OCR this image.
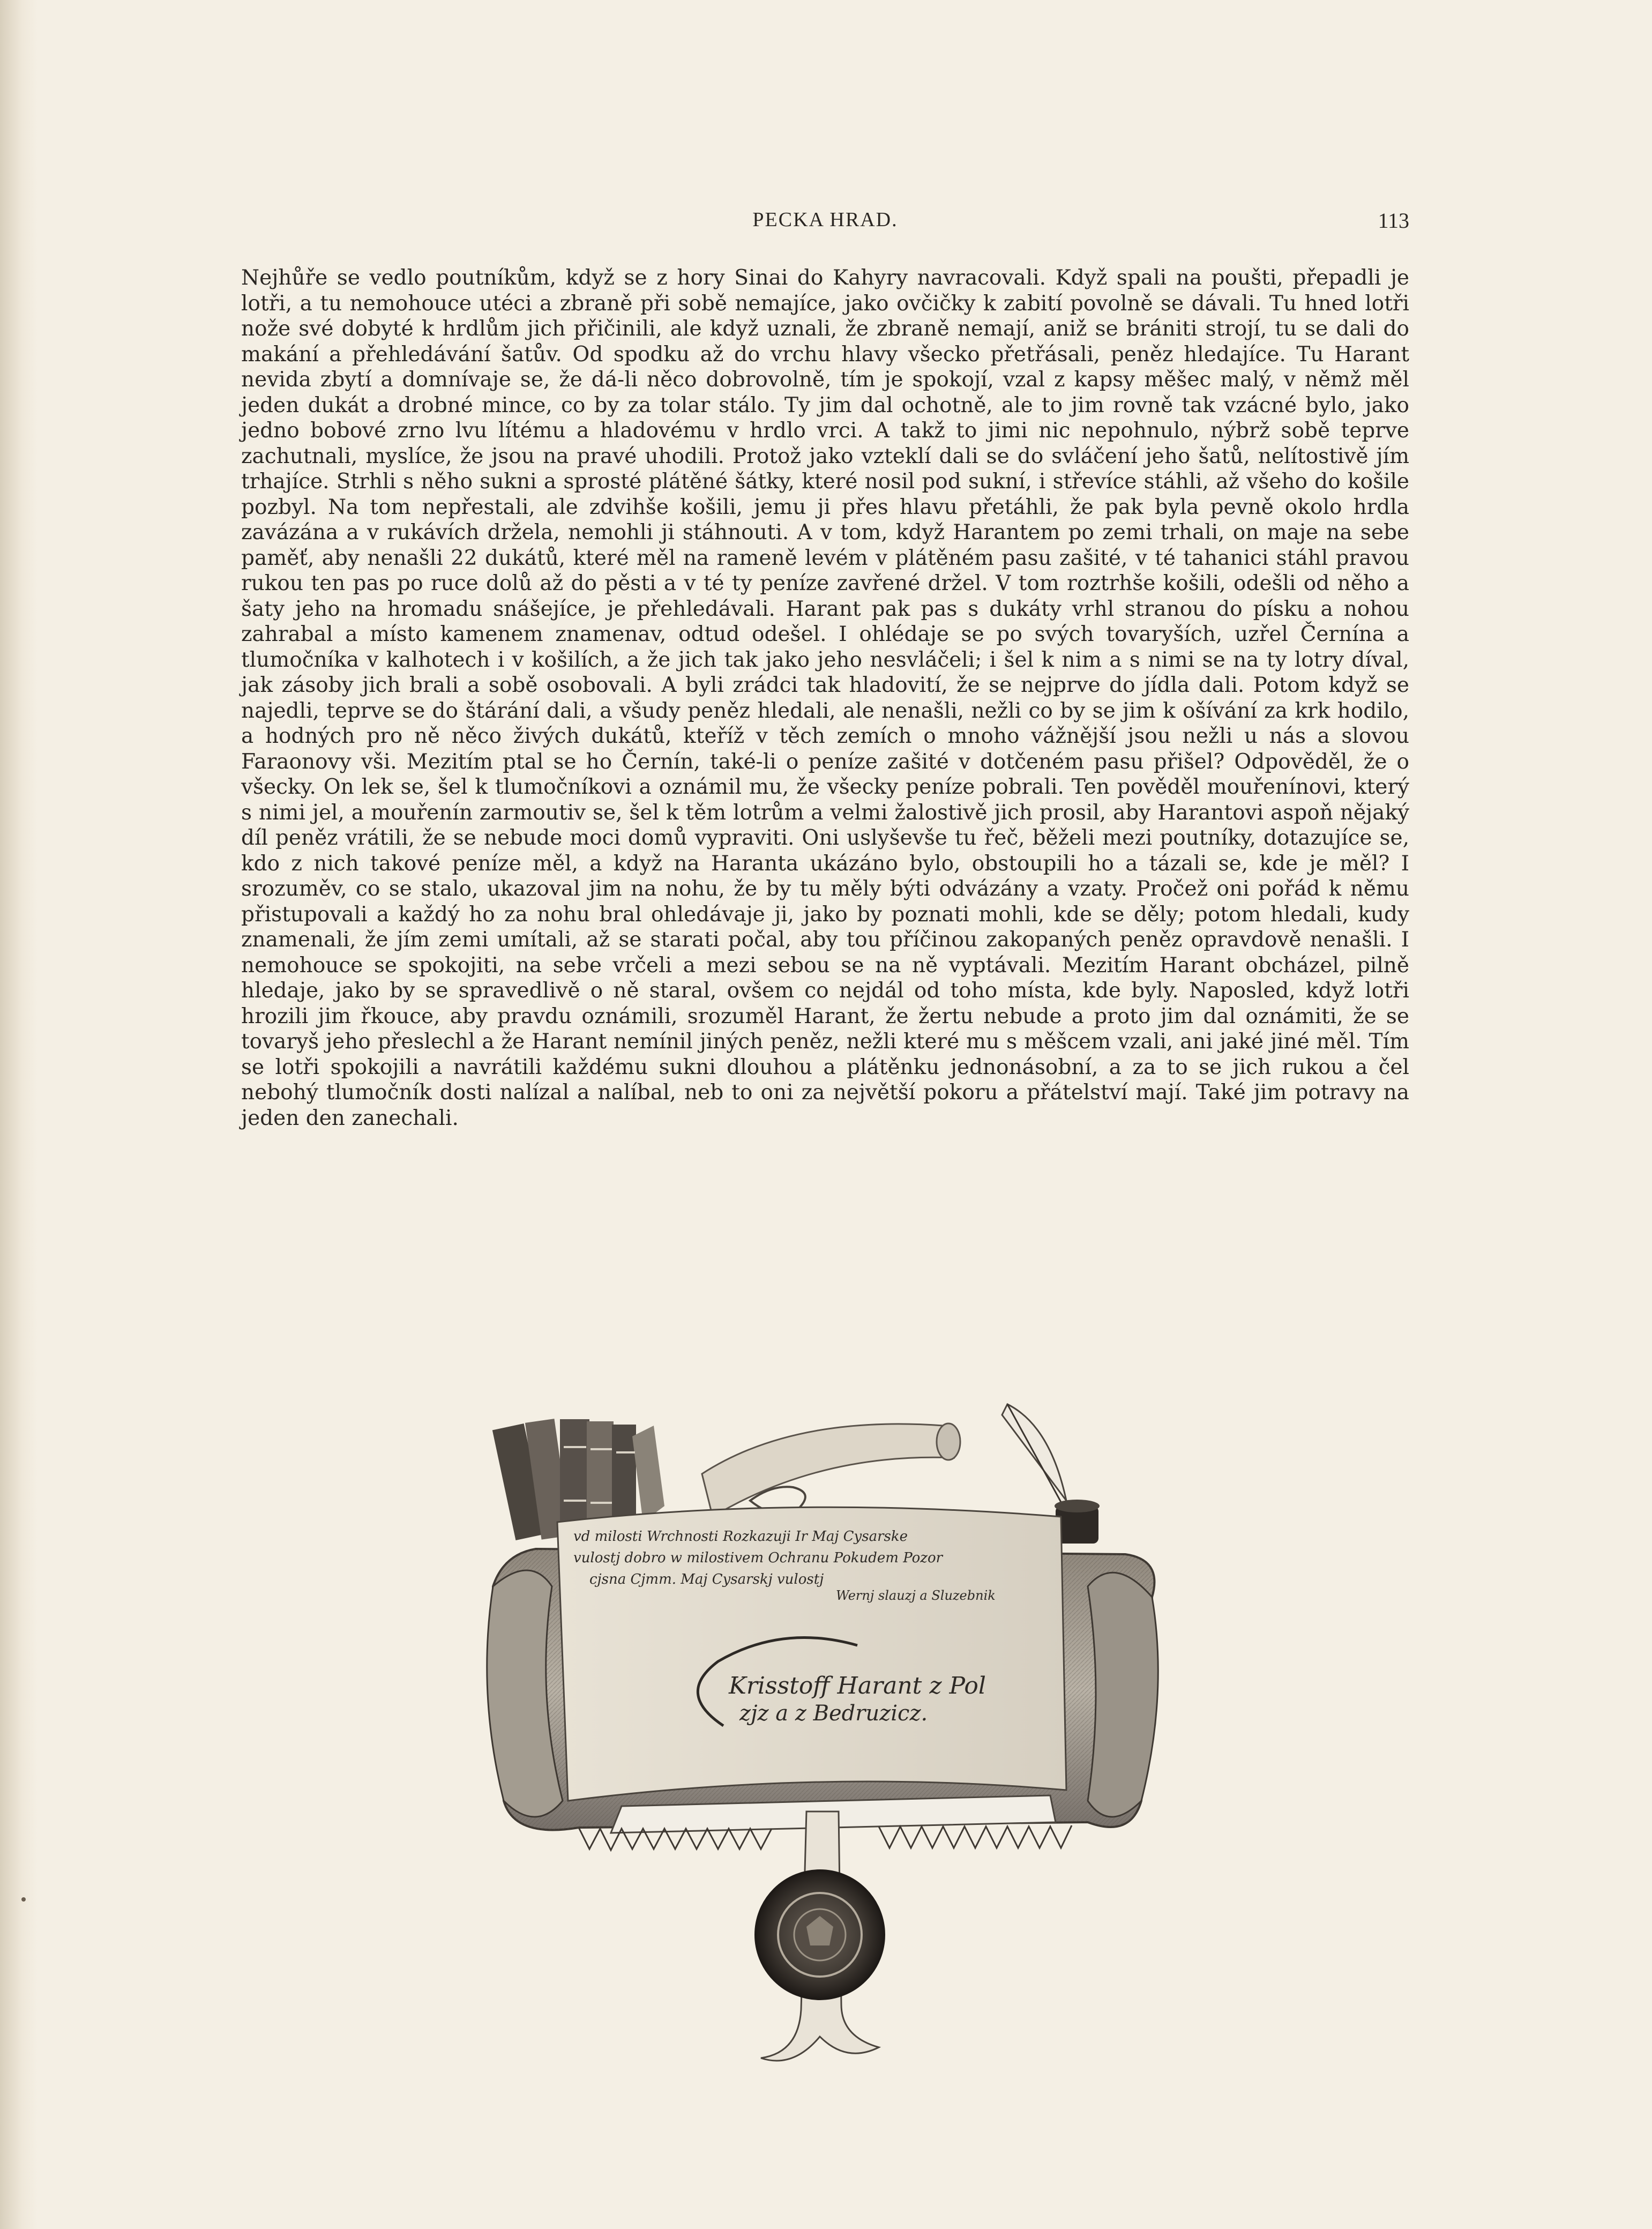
PECKA HRAD.	113

Nejhůře se vedlo poutníkům, když se z hory Sinai do Kahyry navracovali. Když spali na poušti, přepadli je lotři, a tu nemohouce utéci a zbraně při sobě nemajíce, jako ovčičky k zabití povolně se dávali. Tu hned lotři nože své dobyté k hrdlům jich přičinili, ale když uznali, že zbraně nemají, aniž se brániti strojí, tu se dali do makání a přehledávání šatův. Od spodku až do vrchu hlavy všecko přetřásali, peněz hledajíce. Tu Harant nevida zbytí a domnívaje se, že dá-li něco dobrovolně, tím je spokojí, vzal z kapsy měšec malý, v němž měl jeden dukát a drobné mince, co by za tolar stálo. Ty jim dal ochotně, ale to jim rovně tak vzácné bylo, jako jedno bobové zrno lvu lítému a hladovému v hrdlo vrci. A takž to jimi nic nepohnulo, nýbrž sobě teprve zachutnali, myslíce, že jsou na pravé uhodili. Protož jako vzteklí dali se do svláčení jeho šatů, nelítostivě jím trhajíce. Strhli s něho sukni a sprosté plátěné šátky, které nosil pod sukní, i střevíce stáhli, až všeho do košile pozbyl. Na tom nepřestali, ale zdvihše košili, jemu ji přes hlavu přetáhli, že pak byla pevně okolo hrdla zavázána a v rukávích držela, nemohli ji stáhnouti. A v tom, když Harantem po zemi trhali, on maje na sebe paměť, aby nenašli 22 dukátů, které měl na rameně levém v plátěném pasu zašité, v té tahanici stáhl pravou rukou ten pas po ruce dolů až do pěsti a v té ty peníze zavřené držel. V tom roztrhše košili, odešli od něho a šaty jeho na hromadu snášejíce, je přehledávali. Harant pak pas s dukáty vrhl stranou do písku a nohou zahrabal a místo kamenem znamenav, odtud odešel. I ohlédaje se po svých tovaryších, uzřel Černína a tlumočníka v kalhotech i v košilích, a že jich tak jako jeho nesvláčeli; i šel k nim a s nimi se na ty lotry díval, jak zásoby jich brali a sobě osobovali. A byli zrádci tak hladovití, že se nejprve do jídla dali. Potom když se najedli, teprve se do štárání dali, a všudy peněz hledali, ale nenašli, nežli co by se jim k ošívání za krk hodilo, a hodných pro ně něco živých dukátů, kteříž v těch zemích o mnoho vážnější jsou nežli u nás a slovou Faraonovy vši. Mezitím ptal se ho Černín, také-li o peníze zašité v dotčeném pasu přišel? Odpověděl, že o všecky. On lek se, šel k tlumočníkovi a oznámil mu, že všecky peníze pobrali. Ten pověděl mouřenínovi, který s nimi jel, a mouřenín zarmoutiv se, šel k těm lotrům a velmi žalostivě jich prosil, aby Harantovi aspoň nějaký díl peněz vrátili, že se nebude moci domů vypraviti. Oni uslyševše tu řeč, běželi mezi poutníky, dotazujíce se, kdo z nich takové peníze měl, a když na Haranta ukázáno bylo, obstoupili ho a tázali se, kde je měl? I srozuměv, co se stalo, ukazoval jim na nohu, že by tu měly býti odvázány a vzaty. Pročež oni pořád k němu přistupovali a každý ho za nohu bral ohledávaje ji, jako by poznati mohli, kde se děly; potom hledali, kudy znamenali, že jím zemi umítali, až se starati počal, aby tou příčinou zakopaných peněz opravdově nenašli. I nemohouce se spokojiti, na sebe vrčeli a mezi sebou se na ně vyptávali. Mezitím Harant obcházel, pilně hledaje, jako by se spravedlivě o ně staral, ovšem co nejdál od toho místa, kde byly. Naposled, když lotři hrozili jim řkouce, aby pravdu oznámili, srozuměl Harant, že žertu nebude a proto jim dal oznámiti, že se tovaryš jeho přeslechl a že Harant nemínil jiných peněz, nežli které mu s měšcem vzali, ani jaké jiné měl. Tím se lotři spokojili a navrátili každému sukni dlouhou a plátěnku jednonásobní, a za to se jich rukou a čel nebohý tlumočník dosti nalízal a nalíbal, neb to oni za největší pokoru a přátelství mají. Také jim potravy na jeden den zanechali.

vd milosti Wrchnosti Rozkazuji Ir Maj Cysarske
vulostj dobro w milostivem Ochranu Pokudem Pozor
cjsna Cjmm. Maj Cysarskj vulostj
Wernj slauzj a Sluzebnik
Krisstoff Harant z Pol
zjz a z Bedruzicz.
